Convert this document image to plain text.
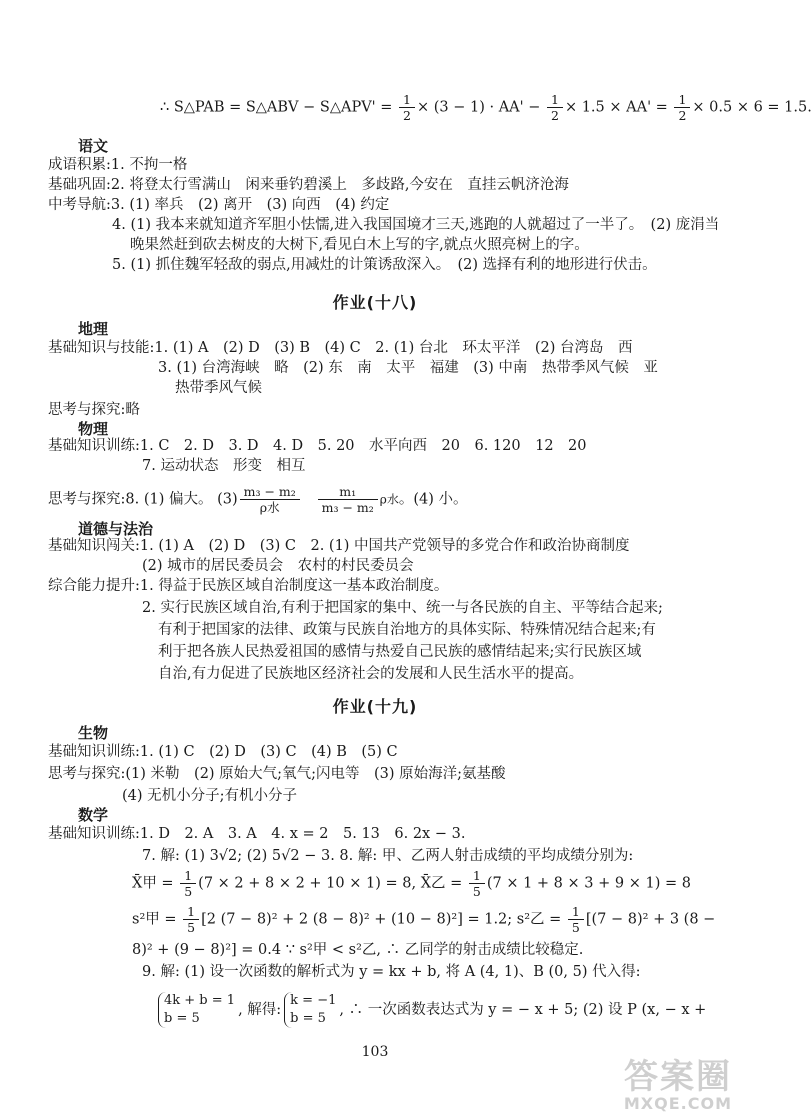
∴ S△PAB = S△ABV − S△APV' = $\frac{1}{2} \times (3 - 1) \cdot AA' - \frac{1}{2} \times 1.5 \times AA' = \frac{1}{2} \times 0.5 \times 6 = 1.5$.
语文
成语积累:1. 不拘一格
基础巩固:2. 将登太行雪满山　闲来垂钓碧溪上　多歧路,今安在　直挂云帆济沧海
中考导航:3. (1) 率兵　(2) 离开　(3) 向西　(4) 约定
4. (1) 我本来就知道齐军胆小怯懦,进入我国国境才三天,逃跑的人就超过了一半了。　(2) 庞涓当
晚果然赶到砍去树皮的大树下,看见白木上写的字,就点火照亮树上的字。
5. (1) 抓住魏军轻敌的弱点,用减灶的计策诱敌深入。　(2) 选择有利的地形进行伏击。
作业(十八)
地理
基础知识与技能:1. (1) A　(2) D　(3) B　(4) C　2. (1) 台北　环太平洋　(2) 台湾岛　西
3. (1) 台湾海峡　略　(2) 东　南　太平　福建　(3) 中南　热带季风气候　亚
热带季风气候
思考与探究:略
物理
基础知识训练:1. C　2. D　3. D　4. D　5. 20　水平向西　20　6. 120　12　20
7. 运动状态　形变　相互
思考与探究:8. (1) 偏大。 $(3) \frac{\text{m₃ − m₂}}{\text{ρ水}}$
$\frac{\text{m₁}}{\text{m₃ − m₂}}$ ρ水。(4) 小。
道德与法治
基础知识闯关:1. (1) A　(2) D　(3) C　2. (1) 中国共产党领导的多党合作和政治协商制度
(2) 城市的居民委员会　农村的村民委员会
综合能力提升:1. 得益于民族区域自治制度这一基本政治制度。
2. 实行民族区域自治,有利于把国家的集中、统一与各民族的自主、平等结合起来;
有利于把国家的法律、政策与民族自治地方的具体实际、特殊情况结合起来;有
利于把各族人民热爱祖国的感情与热爱自己民族的感情结起来;实行民族区域
自治,有力促进了民族地区经济社会的发展和人民生活水平的提高。
作业(十九)
生物
基础知识训练:1. (1) C　(2) D　(3) C　(4) B　(5) C
思考与探究:(1) 米勒　(2) 原始大气;氧气;闪电等　(3) 原始海洋;氨基酸
(4) 无机小分子;有机小分子
数学
基础知识训练:1. D　2. A　3. A　4. x = 2　5. 13　6. 2x − 3.
7. 解: (1) 3√2; (2) 5√2 − 3. 8. 解: 甲、乙两人射击成绩的平均成绩分别为:
X̄甲 = $\frac{1}{5} (7 \times 2 + 8 \times 2 + 10 \times 1) = 8$, X̄乙 = $\frac{1}{5} (7 \times 1 + 8 \times 3 + 9 \times 1) = 8$
s²甲 = $\frac{1}{5} [2$ (7 − 8)² + 2 (8 − 8)² + (10 − 8)²] = 1.2; s²乙 = $\frac{1}{5} [(7 - 8)^2 + 3$ (8 −
8)² + (9 − 8)²] = 0.4 ∵ s²甲 < s²乙, ∴ 乙同学的射击成绩比较稳定.
9. 解: (1) 设一次函数的解析式为 y = kx + b, 将 A (4, 1)、B (0, 5) 代入得:
4k + b = 1
b = 5
, 解得:
k = −1
b = 5
, ∴ 一次函数表达式为 y = − x + 5; (2) 设 P (x, − x +
103
答案圈
MXQE.COM
